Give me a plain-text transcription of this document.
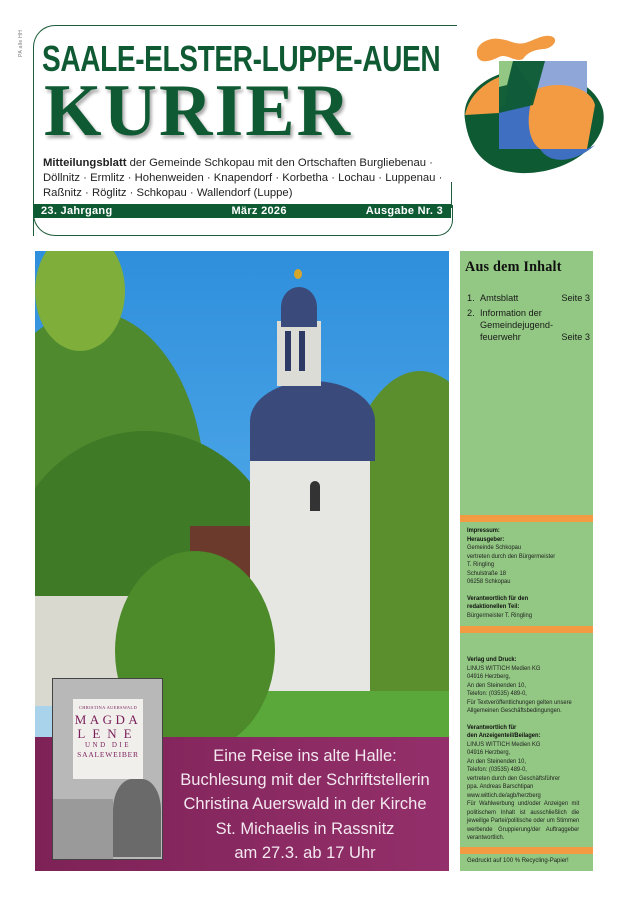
PA alle HH SAALE-ELSTER-LUPPE-AUEN
KURIER
Mitteilungsblatt der Gemeinde Schkopau mit den Ortschaften Burgliebenau · Döllnitz · Ermlitz · Hohenweiden · Knapendorf · Korbetha · Lochau · Luppenau · Raßnitz · Röglitz · Schkopau · Wallendorf (Luppe)
23. Jahrgang	März 2026	Ausgabe Nr. 3
CHRISTINA AUERSWALD
MAGDA
LENE
UND DIE
SAALEWEIBER	Eine Reise ins alte Halle:
Buchlesung mit der Schriftstellerin
Christina Auerswald in der Kirche
St. Michaelis in Rassnitz
am 27.3. ab 17 Uhr
Aus dem Inhalt
1. Amtsblatt	Seite 3
2. Information der
Gemeindejugend-
feuerwehr	Seite 3
Impressum:
Herausgeber:
Gemeinde Schkopau
vertreten durch den Bürgermeister
T. Ringling
Schulstraße 18
06258 Schkopau
Verantwortlich für den
redaktionellen Teil:
Bürgermeister T. Ringling
Verlag und Druck:
LINUS WITTICH Medien KG
04916 Herzberg,
An den Steinenden 10,
Telefon: (03535) 489-0,
Für Textveröffentlichungen gelten unsere Allgemeinen Geschäftsbedingungen.
Verantwortlich für
den Anzeigenteil/Beilagen:
LINUS WITTICH Medien KG
04916 Herzberg,
An den Steinenden 10,
Telefon: (03535) 489-0,
vertreten durch den Geschäftsführer
ppa. Andreas Barschtipan
www.wittich.de/agb/herzberg
Für Wahlwerbung und/oder Anzeigen mit politischem Inhalt ist ausschließlich die jeweilige Partei/politische oder um Stimmen werbende Gruppierung/der Auftraggeber verantwortlich.
Gedruckt auf 100 % Recycling-Papier!
